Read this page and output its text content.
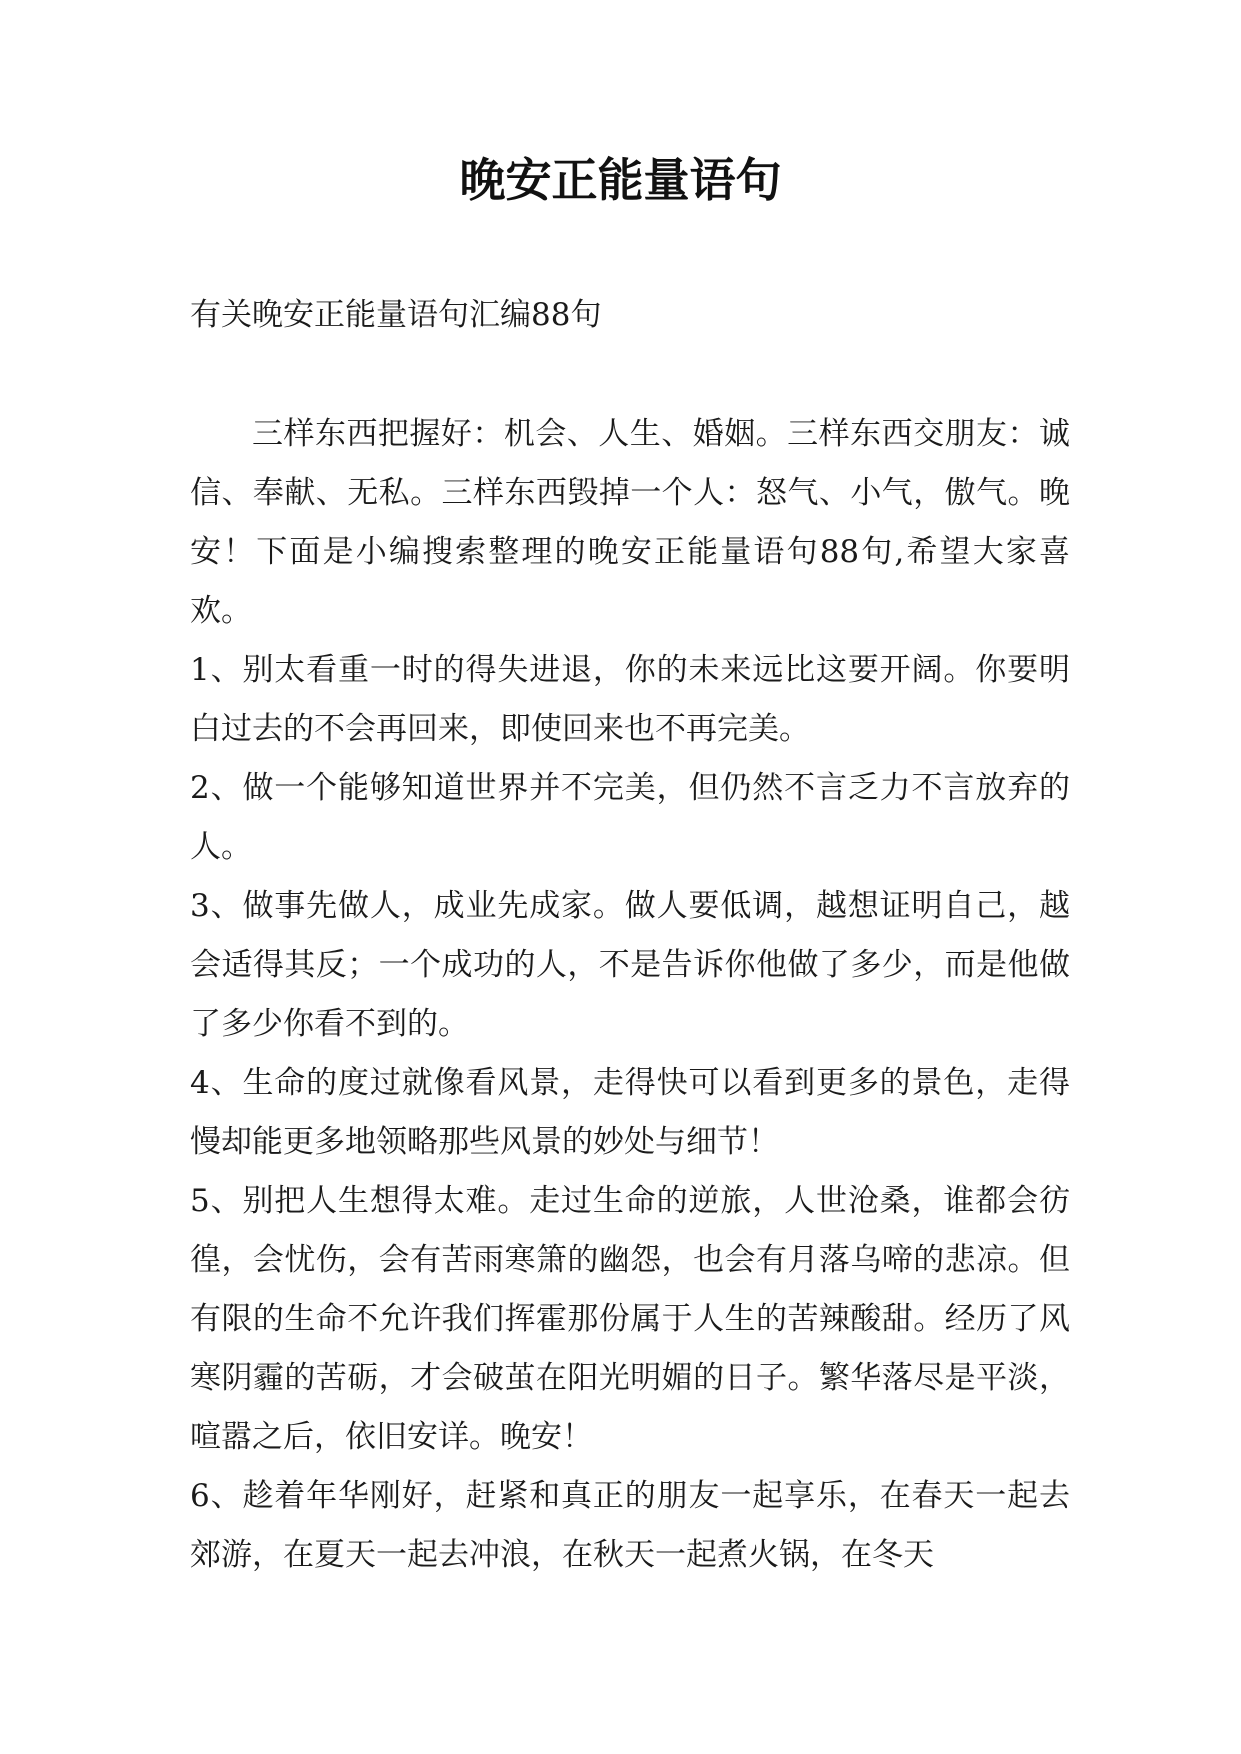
晚安正能量语句

有关晚安正能量语句汇编88句

三样东西把握好：机会、人生、婚姻。三样东西交朋友：诚信、奉献、无私。三样东西毁掉一个人：怒气、小气，傲气。晚安！下面是小编搜索整理的晚安正能量语句88句,希望大家喜欢。

1、别太看重一时的得失进退，你的未来远比这要开阔。你要明白过去的不会再回来，即使回来也不再完美。

2、做一个能够知道世界并不完美，但仍然不言乏力不言放弃的人。

3、做事先做人，成业先成家。做人要低调，越想证明自己，越会适得其反；一个成功的人，不是告诉你他做了多少，而是他做了多少你看不到的。

4、生命的度过就像看风景，走得快可以看到更多的景色，走得慢却能更多地领略那些风景的妙处与细节！

5、别把人生想得太难。走过生命的逆旅，人世沧桑，谁都会彷徨，会忧伤，会有苦雨寒箫的幽怨，也会有月落乌啼的悲凉。但有限的生命不允许我们挥霍那份属于人生的苦辣酸甜。经历了风寒阴霾的苦砺，才会破茧在阳光明媚的日子。繁华落尽是平淡，喧嚣之后，依旧安详。晚安！

6、趁着年华刚好，赶紧和真正的朋友一起享乐，在春天一起去郊游，在夏天一起去冲浪，在秋天一起煮火锅，在冬天
